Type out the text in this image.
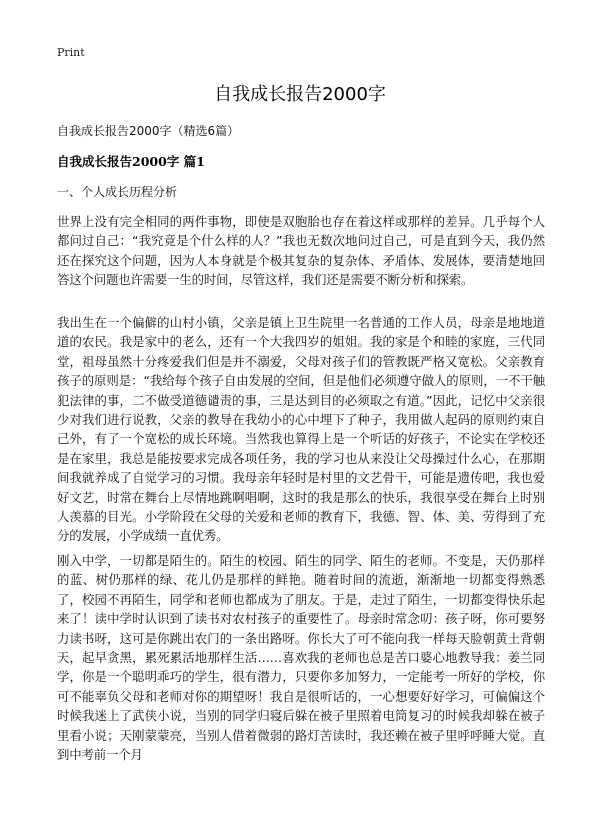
Print
自我成长报告2000字
自我成长报告2000字（精选6篇）
自我成长报告2000字 篇1
一、个人成长历程分析

世界上没有完全相同的两件事物，即使是双胞胎也存在着这样或那样的差异。几乎每个人都问过自己：“我究竟是个什么样的人？”我也无数次地问过自己，可是直到今天，我仍然还在探究这个问题，因为人本身就是个极其复杂的复杂体、矛盾体、发展体，要清楚地回答这个问题也许需要一生的时间，尽管这样，我们还是需要不断分析和探索。

我出生在一个偏僻的山村小镇，父亲是镇上卫生院里一名普通的工作人员，母亲是地地道道的农民。我是家中的老么，还有一个大我四岁的姐姐。我的家是个和睦的家庭，三代同堂，祖母虽然十分疼爱我们但是并不溺爱，父母对孩子们的管教既严格又宽松。父亲教育孩子的原则是：“我给每个孩子自由发展的空间，但是他们必须遵守做人的原则，一不干触犯法律的事，二不做受道德谴责的事，三是达到目的必须取之有道。”因此，记忆中父亲很少对我们进行说教，父亲的教导在我幼小的心中埋下了种子，我用做人起码的原则约束自己外，有了一个宽松的成长环境。当然我也算得上是一个听话的好孩子，不论实在学校还是在家里，我总是能按要求完成各项任务，我的学习也从来没让父母操过什么心，在那期间我就养成了自觉学习的习惯。我母亲年轻时是村里的文艺骨干，可能是遗传吧，我也爱好文艺，时常在舞台上尽情地跳啊唱啊，这时的我是那么的快乐，我很享受在舞台上时别人羡慕的目光。小学阶段在父母的关爱和老师的教育下，我德、智、体、美、劳得到了充分的发展，小学成绩一直优秀。

刚入中学，一切都是陌生的。陌生的校园、陌生的同学、陌生的老师。不变是，天仍那样的蓝、树仍那样的绿、花儿仍是那样的鲜艳。随着时间的流逝，渐渐地一切都变得熟悉了，校园不再陌生，同学和老师也都成为了朋友。于是，走过了陌生，一切都变得快乐起来了！读中学时认识到了读书对农村孩子的重要性了。母亲时常念叨：孩子呀，你可要努力读书呀，这可是你跳出农门的一条出路呀。你长大了可不能向我一样每天脸朝黄土背朝天，起早贪黑，累死累活地那样生活……喜欢我的老师也总是苦口婆心地教导我：姜兰同学，你是一个聪明乖巧的学生，很有潜力，只要你多加努力，一定能考一所好的学校，你可不能辜负父母和老师对你的期望呀！我自是很听话的，一心想要好好学习，可偏偏这个时候我迷上了武侠小说，当别的同学归寝后躲在被子里照着电筒复习的时候我却躲在被子里看小说；天刚蒙蒙亮，当别人借着微弱的路灯苦读时，我还赖在被子里呼呼睡大觉。直到中考前一个月
